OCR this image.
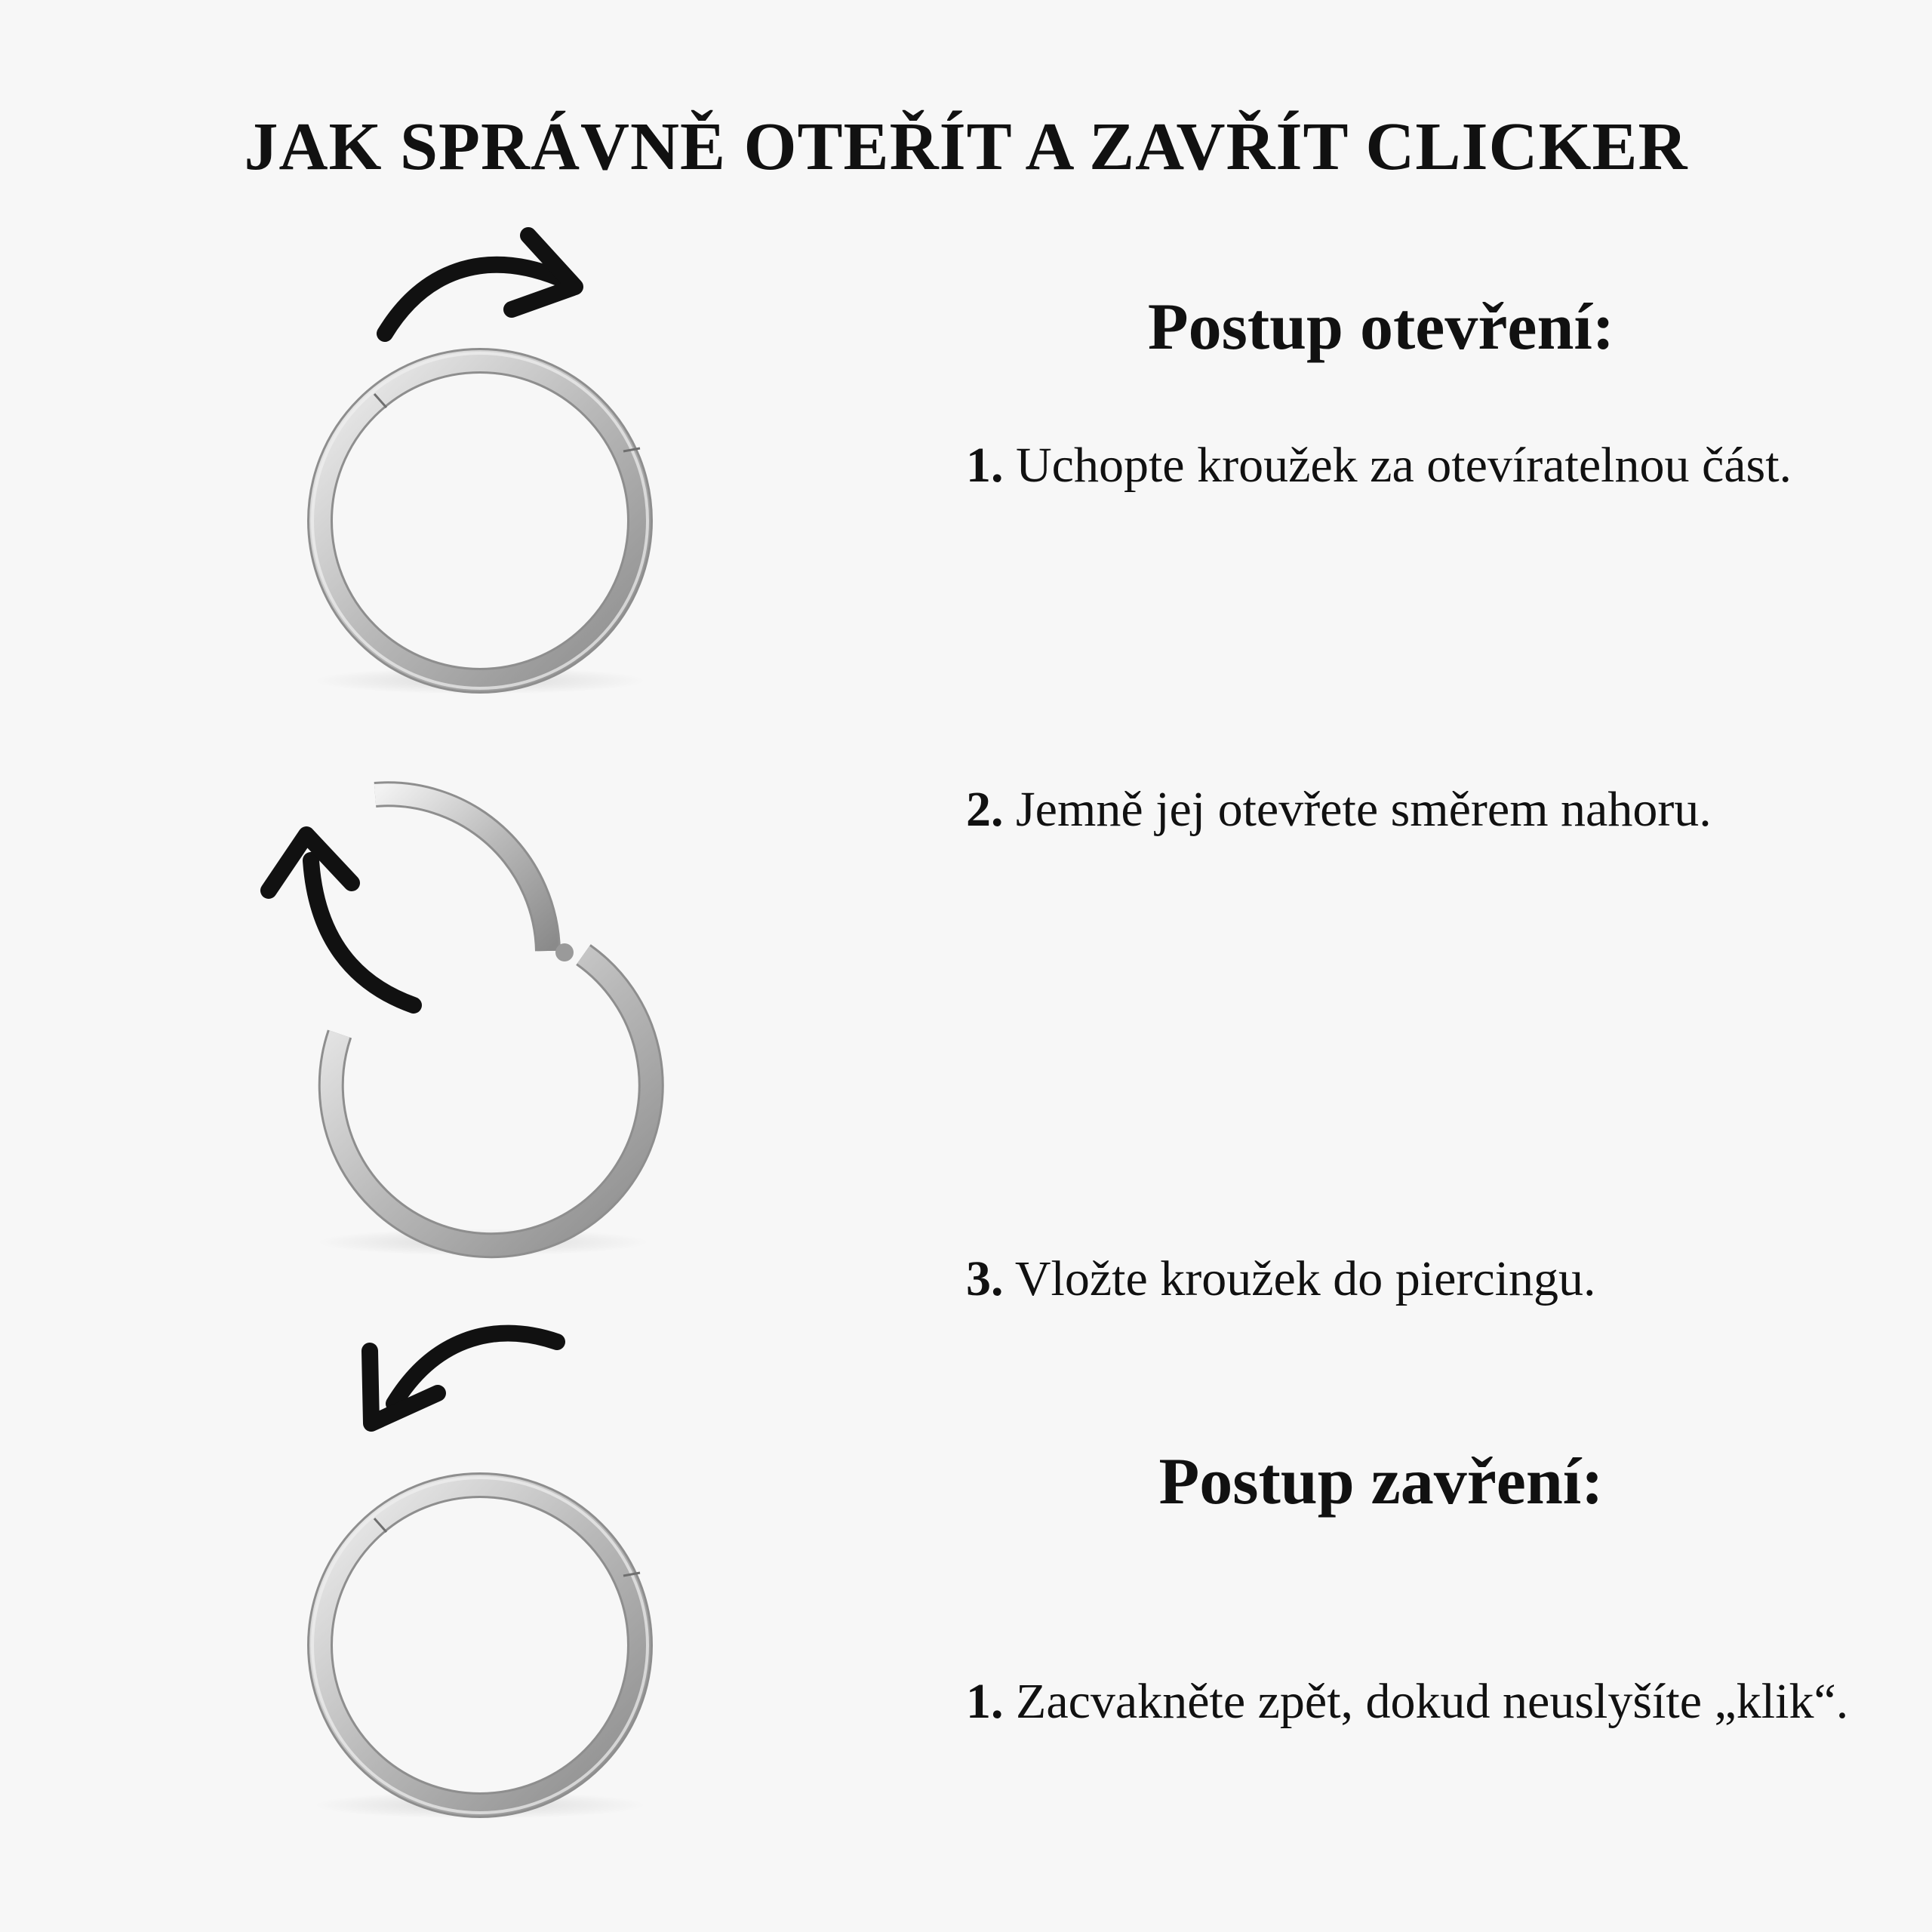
JAK SPRÁVNĚ OTEŘÍT A ZAVŘÍT CLICKER
Postup otevření:

1. Uchopte kroužek za otevíratelnou část.

2. Jemně jej otevřete směrem nahoru.

3. Vložte kroužek do piercingu.

Postup zavření:

1. Zacvakněte zpět, dokud neuslyšíte „klik“.
